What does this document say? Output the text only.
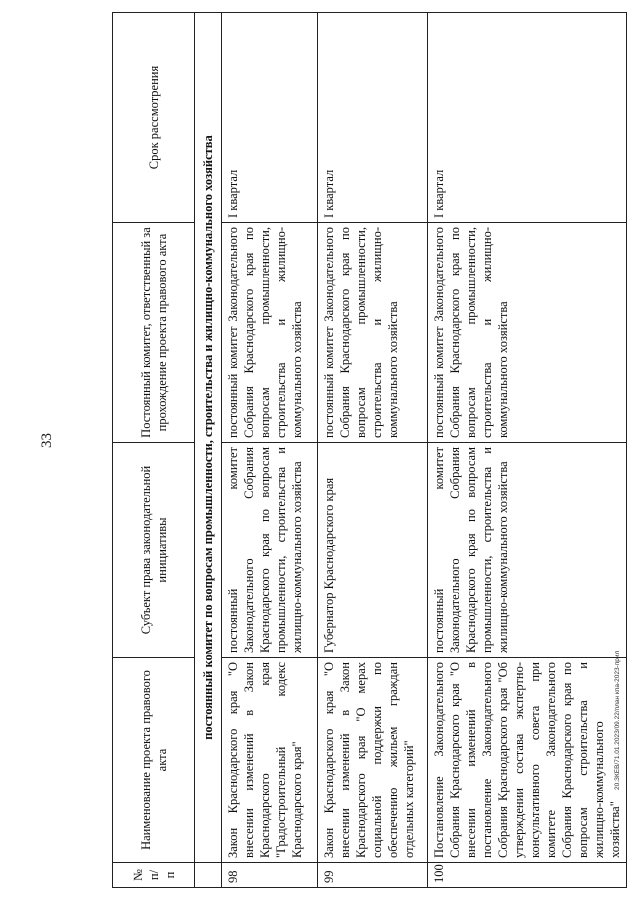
33
20.ЗКЕВ/71.01.2023/09.22/план кпа-2023-прил
№ п/п	Наименование проекта правового акта	Субъект права законодательной инициативы	Постоянный комитет, ответственный за прохождение проекта правового акта	Срок рассмотрения
	постоянный комитет по вопросам промышленности, строительства и жилищно-коммунального хозяйства			
98	Закон Краснодарского края "О внесении изменений в Закон Краснодарского края "Градостроительный кодекс Краснодарского края"	постоянный комитет Законодательного Собрания Краснодарского края по вопросам промышленности, строительства и жилищно-коммунального хозяйства	постоянный комитет Законодательного Собрания Краснодарского края по вопросам промышленности, строительства и жилищно-коммунального хозяйства	I квартал
99	Закон Краснодарского края "О внесении изменений в Закон Краснодарского края "О мерах социальной поддержки по обеспечению жильем граждан отдельных категорий"	Губернатор Краснодарского края	постоянный комитет Законодательного Собрания Краснодарского края по вопросам промышленности, строительства и жилищно-коммунального хозяйства	I квартал
100	Постановление Законодательного Собрания Краснодарского края "О внесении изменений в постановление Законодательного Собрания Краснодарского края "Об утверждении состава экспертно-консультативного совета при комитете Законодательного Собрания Краснодарского края по вопросам строительства и жилищно-коммунального хозяйства"	постоянный комитет Законодательного Собрания Краснодарского края по вопросам промышленности, строительства и жилищно-коммунального хозяйства	постоянный комитет Законодательного Собрания Краснодарского края по вопросам промышленности, строительства и жилищно-коммунального хозяйства	I квартал
